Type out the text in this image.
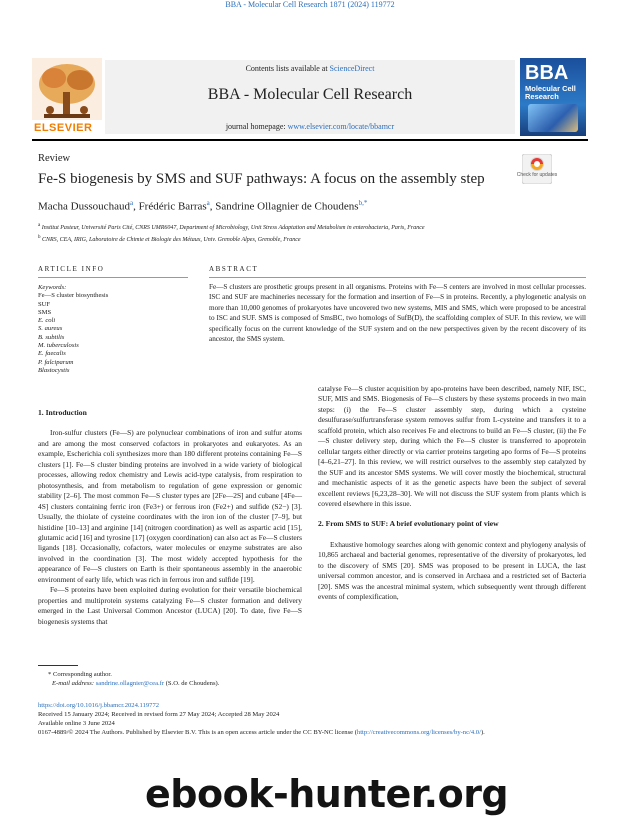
BBA - Molecular Cell Research 1871 (2024) 119772
ELSEVIER
Contents lists available at ScienceDirect
BBA - Molecular Cell Research
journal homepage: www.elsevier.com/locate/bbamcr
BBA
Molecular Cell Research
Review
Fe-S biogenesis by SMS and SUF pathways: A focus on the assembly step	Check for updates
Macha Dussouchaud$^a$, Frédéric Barras$^a$, Sandrine Ollagnier de Choudens$^{b,*}$
$^a$ Institut Pasteur, Université Paris Cité, CNRS UMR6047, Department of Microbiology, Unit Stress Adaptation and Metabolism in enterobacteria, Paris, France
$^b$ CNRS, CEA, IRIG, Laboratoire de Chimie et Biologie des Métaux, Univ. Grenoble Alpes, Grenoble, France
ARTICLE INFO	ABSTRACT
Keywords:
Fe—S cluster biosynthesis
SUF
SMS
E. coli
S. aureus
B. subtilis
M. tuberculosis
E. faecalis
P. falciparum
Blastocystis
Fe—S clusters are prosthetic groups present in all organisms. Proteins with Fe—S centers are involved in most cellular processes. ISC and SUF are machineries necessary for the formation and insertion of Fe—S in proteins. Recently, a phylogenetic analysis on more than 10,000 genomes of prokaryotes have uncovered two new systems, MIS and SMS, which were proposed to be ancestral to ISC and SUF. SMS is composed of SmsBC, two homologs of SufB(D), the scaffolding complex of SUF. In this review, we will specifically focus on the current knowledge of the SUF system and on the new perspectives given by the recent discovery of its ancestor, the SMS system.
1. Introduction

Iron-sulfur clusters (Fe—S) are polynuclear combinations of iron and sulfur atoms and are among the most conserved cofactors in prokaryotes and eukaryotes. As an example, Escherichia coli synthesizes more than 180 different proteins containing Fe—S clusters [1]. Fe—S cluster binding proteins are involved in a wide variety of biological processes, allowing redox chemistry and Lewis acid-type catalysis, from respiration to photosynthesis, and from metabolism to regulation of gene expression or genomic stability [2–6]. The most common Fe—S cluster types are [2Fe—2S] and cubane [4Fe—4S] clusters containing ferric iron (Fe3+) or ferrous iron (Fe2+) and sulfide (S2−) [3]. Usually, the thiolate of cysteine coordinates with the iron ion of the cluster [7–9], but histidine [10–13] and arginine [14] (nitrogen coordination) as well as aspartic acid [15], glutamic acid [16] and tyrosine [17] (oxygen coordination) can also act as Fe—S clusters ligands [18]. Occasionally, cofactors, water molecules or enzyme substrates are also involved in the coordination [3]. The most widely accepted hypothesis for the appearance of Fe—S clusters on Earth is their spontaneous assembly in the anaerobic environment of early life, which was rich in ferrous iron and sulfide [19].

Fe—S proteins have been exploited during evolution for their versatile biochemical properties and multiprotein systems catalyzing Fe—S cluster formation and delivery emerged in the Last Universal Common Ancestor (LUCA) [20]. To date, five Fe—S biogenesis systems that

catalyse Fe—S cluster acquisition by apo-proteins have been described, namely NIF, ISC, SUF, MIS and SMS. Biogenesis of Fe—S clusters by these systems proceeds in two main steps: (i) the Fe—S cluster assembly step, during which a cysteine desulfurase/sulfurtransferase system removes sulfur from L-cysteine and transfers it to a scaffold protein, which also receives Fe and electrons to build an Fe—S cluster, (ii) the Fe—S cluster delivery step, during which the Fe—S cluster is transferred to apoprotein cellular targets either directly or via carrier proteins targeting apo forms of Fe—S proteins [4–6,21–27]. In this review, we will restrict ourselves to the assembly step catalyzed by the SUF and its ancestor SMS systems. We will cover mostly the biochemical, structural and mechanistic aspects of it as the genetic aspects have been the subject of several excellent reviews [6,23,28–30]. We will not discuss the SUF system from plants which is covered elsewhere in this issue.

2. From SMS to SUF: A brief evolutionary point of view

Exhaustive homology searches along with genomic context and phylogeny analysis of 10,865 archaeal and bacterial genomes, representative of the diversity of prokaryotes, led to the discovery of SMS [20]. SMS was proposed to be present in LUCA, the last universal common ancestor, and is conserved in Archaea and a restricted set of Bacteria [20]. SMS was the ancestral minimal system, which subsequently went through different events of complexification,

* Corresponding author.
E-mail address: sandrine.ollagnier@cea.fr (S.O. de Choudens).
https://doi.org/10.1016/j.bbamcr.2024.119772
Received 15 January 2024; Received in revised form 27 May 2024; Accepted 28 May 2024
Available online 3 June 2024
0167-4889/© 2024 The Authors. Published by Elsevier B.V. This is an open access article under the CC BY-NC license (http://creativecommons.org/licenses/by-nc/4.0/).
ebook-hunter.org
